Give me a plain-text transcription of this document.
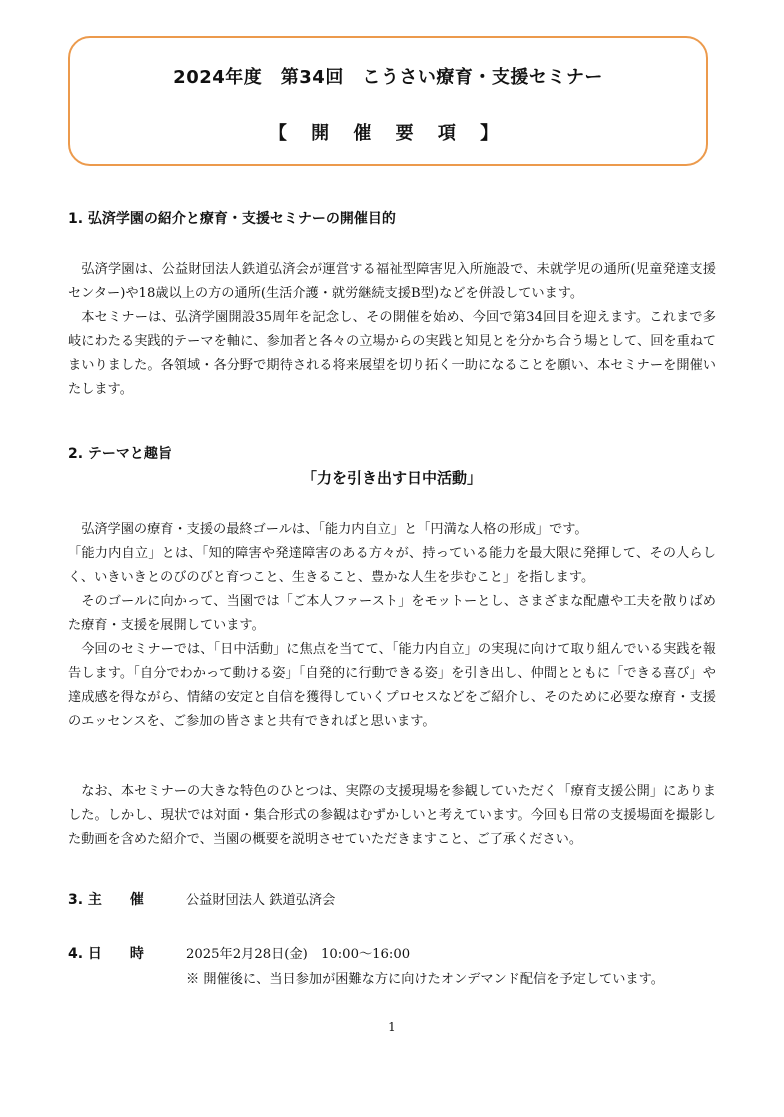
2024年度　第34回　こうさい療育・支援セミナー
【 開 催 要 項 】
1. 弘済学園の紹介と療育・支援セミナーの開催目的

弘済学園は、公益財団法人鉄道弘済会が運営する福祉型障害児入所施設で、未就学児の通所(児童発達支援センター)や18歳以上の方の通所(生活介護・就労継続支援B型)などを併設しています。

本セミナーは、弘済学園開設35周年を記念し、その開催を始め、今回で第34回目を迎えます。これまで多岐にわたる実践的テーマを軸に、参加者と各々の立場からの実践と知見とを分かち合う場として、回を重ねてまいりました。各領域・各分野で期待される将来展望を切り拓く一助になることを願い、本セミナーを開催いたします。

2. テーマと趣旨
「力を引き出す日中活動」

弘済学園の療育・支援の最終ゴールは、「能力内自立」と「円満な人格の形成」です。

「能力内自立」とは、「知的障害や発達障害のある方々が、持っている能力を最大限に発揮して、その人らしく、いきいきとのびのびと育つこと、生きること、豊かな人生を歩むこと」を指します。

そのゴールに向かって、当園では「ご本人ファースト」をモットーとし、さまざまな配慮や工夫を散りばめた療育・支援を展開しています。

今回のセミナーでは、「日中活動」に焦点を当てて、「能力内自立」の実現に向けて取り組んでいる実践を報告します。「自分でわかって動ける姿」「自発的に行動できる姿」を引き出し、仲間とともに「できる喜び」や達成感を得ながら、情緒の安定と自信を獲得していくプロセスなどをご紹介し、そのために必要な療育・支援のエッセンスを、ご参加の皆さまと共有できればと思います。

なお、本セミナーの大きな特色のひとつは、実際の支援現場を参観していただく「療育支援公開」にありました。しかし、現状では対面・集合形式の参観はむずかしいと考えています。今回も日常の支援場面を撮影した動画を含めた紹介で、当園の概要を説明させていただきますこと、ご了承ください。

3. 主　　催	公益財団法人 鉄道弘済会
4. 日　　時	2025年2月28日(金)　10:00～16:00
※ 開催後に、当日参加が困難な方に向けたオンデマンド配信を予定しています。
1
